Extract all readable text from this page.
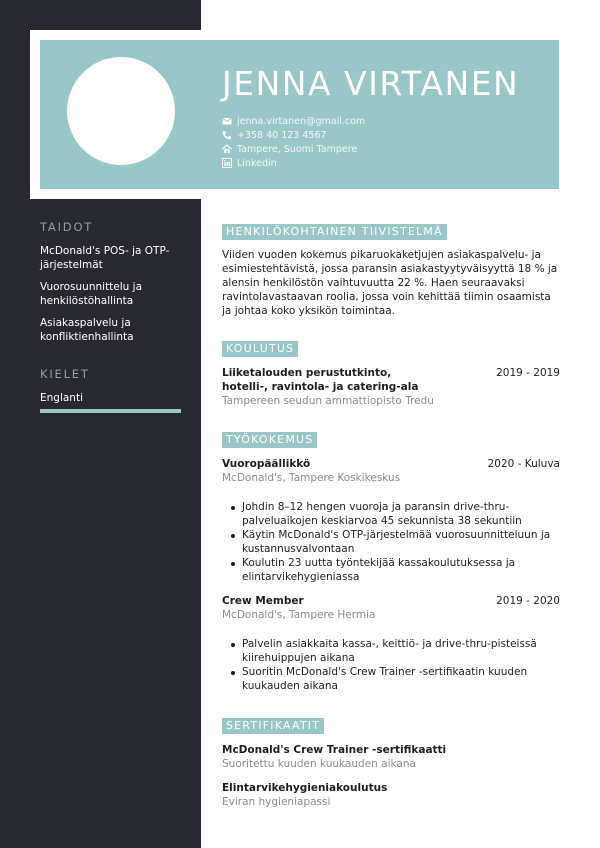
JENNA VIRTANEN
jenna.virtanen@gmail.com
+358 40 123 4567
Tampere, Suomi Tampere
Linkedin
TAIDOT
McDonald's POS- ja OTP-järjestelmät
Vuorosuunnittelu ja henkilöstöhallinta
Asiakaspalvelu ja konfliktienhallinta
KIELET
Englanti
HENKILÖKOHTAINEN TIIVISTELMÄ

Viiden vuoden kokemus pikaruokaketjujen asiakaspalvelu- ja esimiestehtävistä, jossa paransin asiakastyytyväisyyttä 18 % ja alensin henkilöstön vaihtuvuutta 22 %. Haen seuraavaksi ravintolavastaavan roolia, jossa voin kehittää tiimin osaamista ja johtaa koko yksikön toimintaa.

KOULUTUS
Liiketalouden perustutkinto, hotelli-, ravintola- ja catering-ala
2019 - 2019
Tampereen seudun ammattiopisto Tredu
TYÖKOKEMUS
Vuoropäällikkö	2020 - Kuluva
McDonald's, Tampere Koskikeskus
Johdin 8–12 hengen vuoroja ja paransin drive-thru-palveluaikojen keskiarvoa 45 sekunnista 38 sekuntiin
Käytin McDonald's OTP-järjestelmää vuorosuunnitteluun ja kustannusvalvontaan
Koulutin 23 uutta työntekijää kassakoulutuksessa ja elintarvikehygieniassa
Crew Member	2019 - 2020
McDonald's, Tampere Hermia
Palvelin asiakkaita kassa-, keittiö- ja drive-thru-pisteissä kiirehuippujen aikana
Suoritin McDonald's Crew Trainer -sertifikaatin kuuden kuukauden aikana
SERTIFIKAATIT
McDonald's Crew Trainer -sertifikaatti
Suoritettu kuuden kuukauden aikana
Elintarvikehygieniakoulutus
Eviran hygieniapassi
